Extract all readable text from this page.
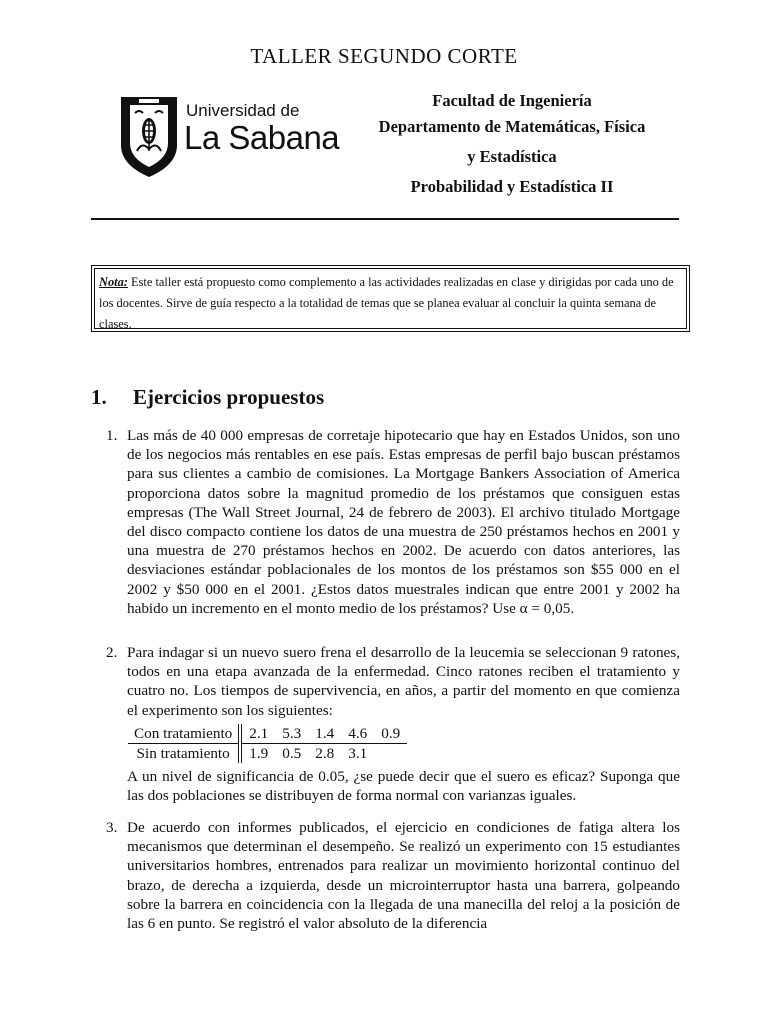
TALLER SEGUNDO CORTE
Universidad de
La Sabana
Facultad de Ingeniería
Departamento de Matemáticas, Física
y Estadística
Probabilidad y Estadística II
Nota: Este taller está propuesto como complemento a las actividades realizadas en clase y dirigidas por cada uno de los docentes. Sirve de guía respecto a la totalidad de temas que se planea evaluar al concluir la quinta semana de clases.
1. Ejercicios propuestos
1. Las más de 40 000 empresas de corretaje hipotecario que hay en Estados Unidos, son uno de los negocios más rentables en ese país. Estas empresas de perfil bajo buscan préstamos para sus clientes a cambio de comisiones. La Mortgage Bankers Association of America proporciona datos sobre la magnitud promedio de los préstamos que consiguen estas empresas (The Wall Street Journal, 24 de febrero de 2003). El archivo titulado Mortgage del disco compacto contiene los datos de una muestra de 250 préstamos hechos en 2001 y una muestra de 270 préstamos hechos en 2002. De acuerdo con datos anteriores, las desviaciones estándar poblacionales de los montos de los préstamos son $55 000 en el 2002 y $50 000 en el 2001. ¿Estos datos muestrales indican que entre 2001 y 2002 ha habido un incremento en el monto medio de los préstamos? Use α = 0,05.
2. Para indagar si un nuevo suero frena el desarrollo de la leucemia se seleccionan 9 ratones, todos en una etapa avanzada de la enfermedad. Cinco ratones reciben el tratamiento y cuatro no. Los tiempos de supervivencia, en años, a partir del momento en que comienza el experimento son los siguientes:
Con tratamiento	2.1	5.3	1.4	4.6	0.9
Sin tratamiento	1.9	0.5	2.8	3.1	
A un nivel de significancia de 0.05, ¿se puede decir que el suero es eficaz? Suponga que las dos poblaciones se distribuyen de forma normal con varianzas iguales.
3. De acuerdo con informes publicados, el ejercicio en condiciones de fatiga altera los mecanismos que determinan el desempeño. Se realizó un experimento con 15 estudiantes universitarios hombres, entrenados para realizar un movimiento horizontal continuo del brazo, de derecha a izquierda, desde un microinterruptor hasta una barrera, golpeando sobre la barrera en coincidencia con la llegada de una manecilla del reloj a la posición de las 6 en punto. Se registró el valor absoluto de la diferencia
